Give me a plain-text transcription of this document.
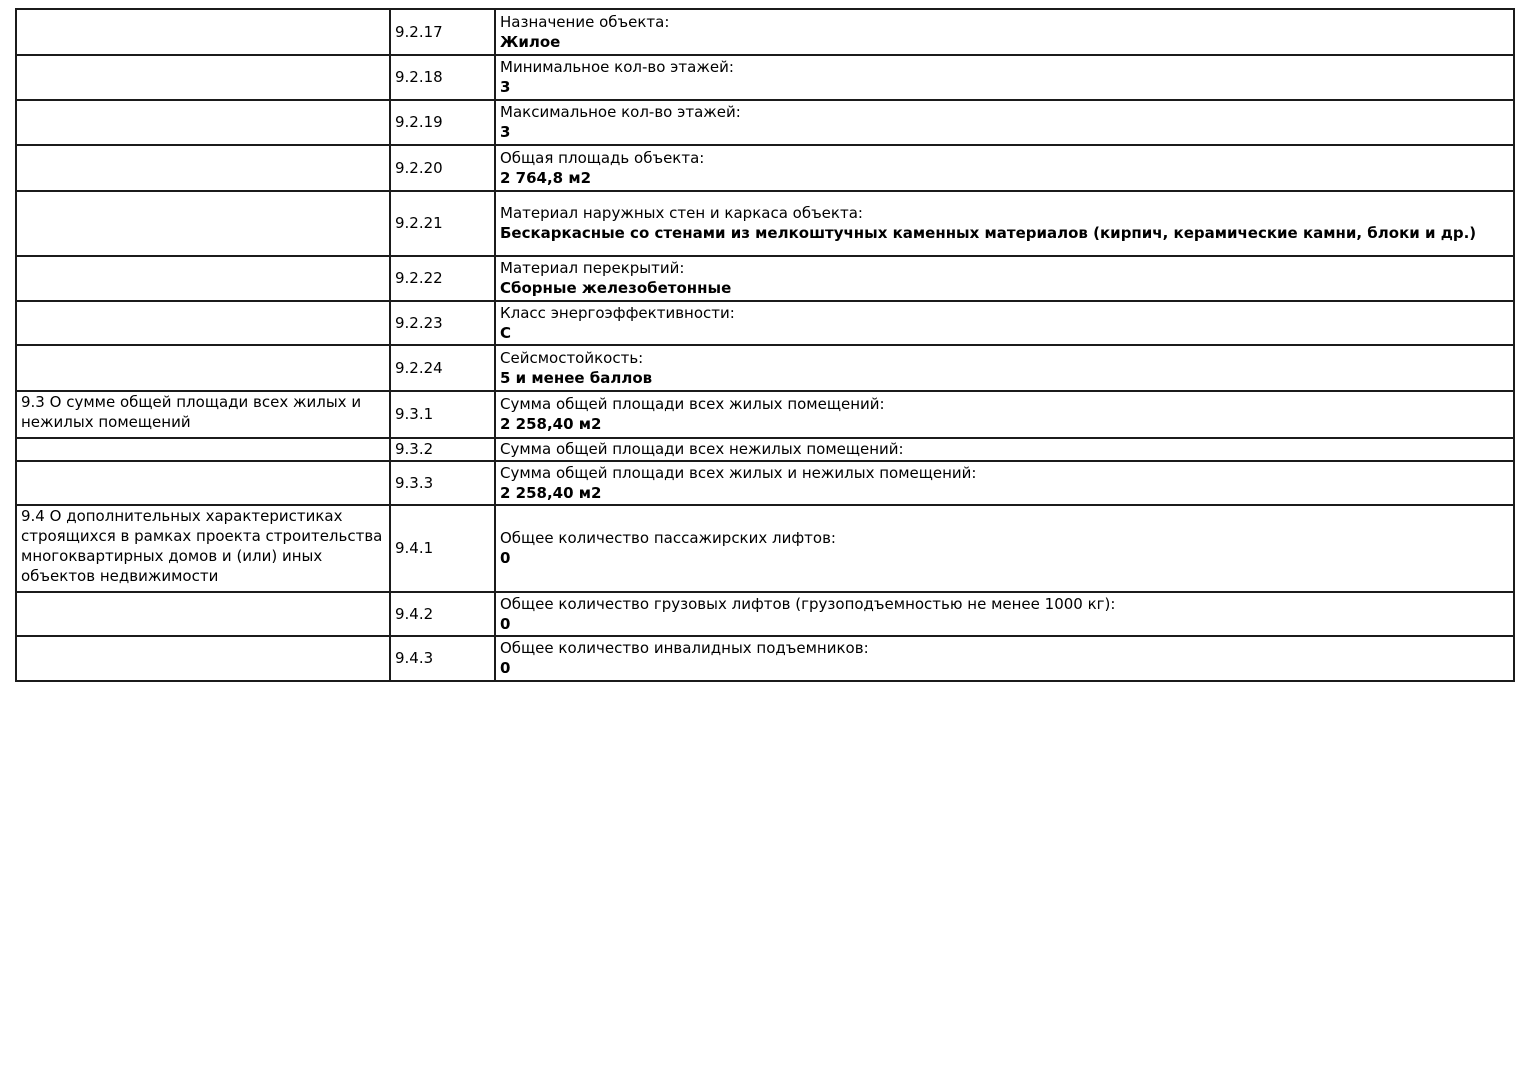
	9.2.17	Назначение объекта:
Жилое

	9.2.18	Минимальное кол-во этажей:
3

	9.2.19	Максимальное кол-во этажей:
3

	9.2.20	Общая площадь объекта:
2 764,8 м2

	9.2.21	Материал наружных стен и каркаса объекта:
Бескаркасные со стенами из мелкоштучных каменных материалов (кирпич, керамические камни, блоки и др.)

	9.2.22	Материал перекрытий:
Сборные железобетонные

	9.2.23	Класс энергоэффективности:
С

	9.2.24	Сейсмостойкость:
5 и менее баллов

9.3 О сумме общей площади всех жилых и нежилых помещений	9.3.1	Сумма общей площади всех жилых помещений:
2 258,40 м2

	9.3.2	Сумма общей площади всех нежилых помещений:

	9.3.3	Сумма общей площади всех жилых и нежилых помещений:
2 258,40 м2

9.4 О дополнительных характеристиках строящихся в рамках проекта строительства многоквартирных домов и (или) иных объектов недвижимости	9.4.1	Общее количество пассажирских лифтов:
0

	9.4.2	Общее количество грузовых лифтов (грузоподъемностью не менее 1000 кг):
0

	9.4.3	Общее количество инвалидных подъемников:
0
